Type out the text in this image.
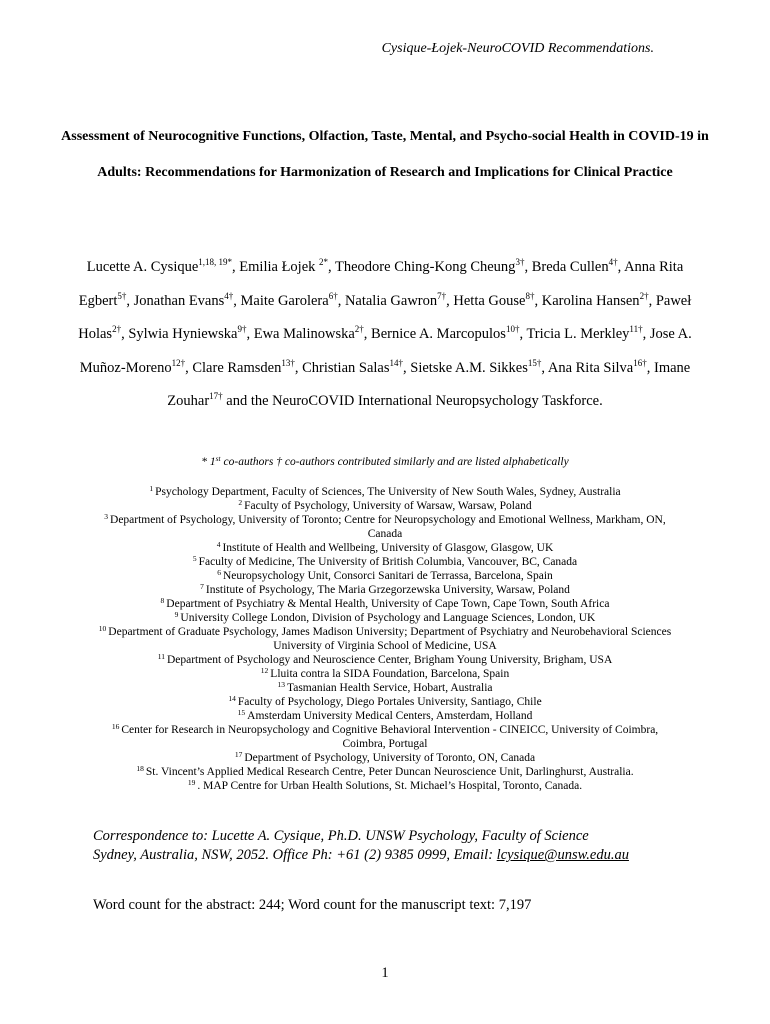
Cysique-Łojek-NeuroCOVID Recommendations.
Assessment of Neurocognitive Functions, Olfaction, Taste, Mental, and Psycho-social Health in COVID-19 in Adults: Recommendations for Harmonization of Research and Implications for Clinical Practice

Lucette A. Cysique$^{1,18, 19*}$, Emilia Łojek $^{2*}$, Theodore Ching-Kong Cheung$^{3\dagger}$, Breda Cullen$^{4\dagger}$, Anna Rita Egbert$^{5\dagger}$, Jonathan Evans$^{4\dagger}$, Maite Garolera$^{6\dagger}$, Natalia Gawron$^{7\dagger}$, Hetta Gouse$^{8\dagger}$, Karolina Hansen$^{2\dagger}$, Paweł Holas$^{2\dagger}$, Sylwia Hyniewska$^{9\dagger}$, Ewa Malinowska$^{2\dagger}$, Bernice A. Marcopulos$^{10\dagger}$, Tricia L. Merkley$^{11\dagger}$, Jose A. Muñoz-Moreno$^{12\dagger}$, Clare Ramsden$^{13\dagger}$, Christian Salas$^{14\dagger}$, Sietske A.M. Sikkes$^{15\dagger}$, Ana Rita Silva$^{16\dagger}$, Imane Zouhar$^{17\dagger}$ and the NeuroCOVID International Neuropsychology Taskforce.

* 1st co-authors † co-authors contributed similarly and are listed alphabetically
$^1$ Psychology Department, Faculty of Sciences, The University of New South Wales, Sydney, Australia
$^2$ Faculty of Psychology, University of Warsaw, Warsaw, Poland
$^3$ Department of Psychology, University of Toronto; Centre for Neuropsychology and Emotional Wellness, Markham, ON, Canada
$^4$ Institute of Health and Wellbeing, University of Glasgow, Glasgow, UK
$^5$ Faculty of Medicine, The University of British Columbia, Vancouver, BC, Canada
$^6$ Neuropsychology Unit, Consorci Sanitari de Terrassa, Barcelona, Spain
$^7$ Institute of Psychology, The Maria Grzegorzewska University, Warsaw, Poland
$^8$ Department of Psychiatry & Mental Health, University of Cape Town, Cape Town, South Africa
$^9$ University College London, Division of Psychology and Language Sciences, London, UK
$^{10}$ Department of Graduate Psychology, James Madison University; Department of Psychiatry and Neurobehavioral Sciences University of Virginia School of Medicine, USA
$^{11}$ Department of Psychology and Neuroscience Center, Brigham Young University, Brigham, USA
$^{12}$ Lluita contra la SIDA Foundation, Barcelona, Spain
$^{13}$ Tasmanian Health Service, Hobart, Australia
$^{14}$ Faculty of Psychology, Diego Portales University, Santiago, Chile
$^{15}$ Amsterdam University Medical Centers, Amsterdam, Holland
$^{16}$ Center for Research in Neuropsychology and Cognitive Behavioral Intervention - CINEICC, University of Coimbra, Coimbra, Portugal
$^{17}$ Department of Psychology, University of Toronto, ON, Canada
$^{18}$ St. Vincent’s Applied Medical Research Centre, Peter Duncan Neuroscience Unit, Darlinghurst, Australia.
$^{19}$ . MAP Centre for Urban Health Solutions, St. Michael’s Hospital, Toronto, Canada.
Correspondence to: Lucette A. Cysique, Ph.D. UNSW Psychology, Faculty of Science
Sydney, Australia, NSW, 2052. Office Ph: +61 (2) 9385 0999, Email: lcysique@unsw.edu.au
Word count for the abstract: 244; Word count for the manuscript text: 7,197
1
